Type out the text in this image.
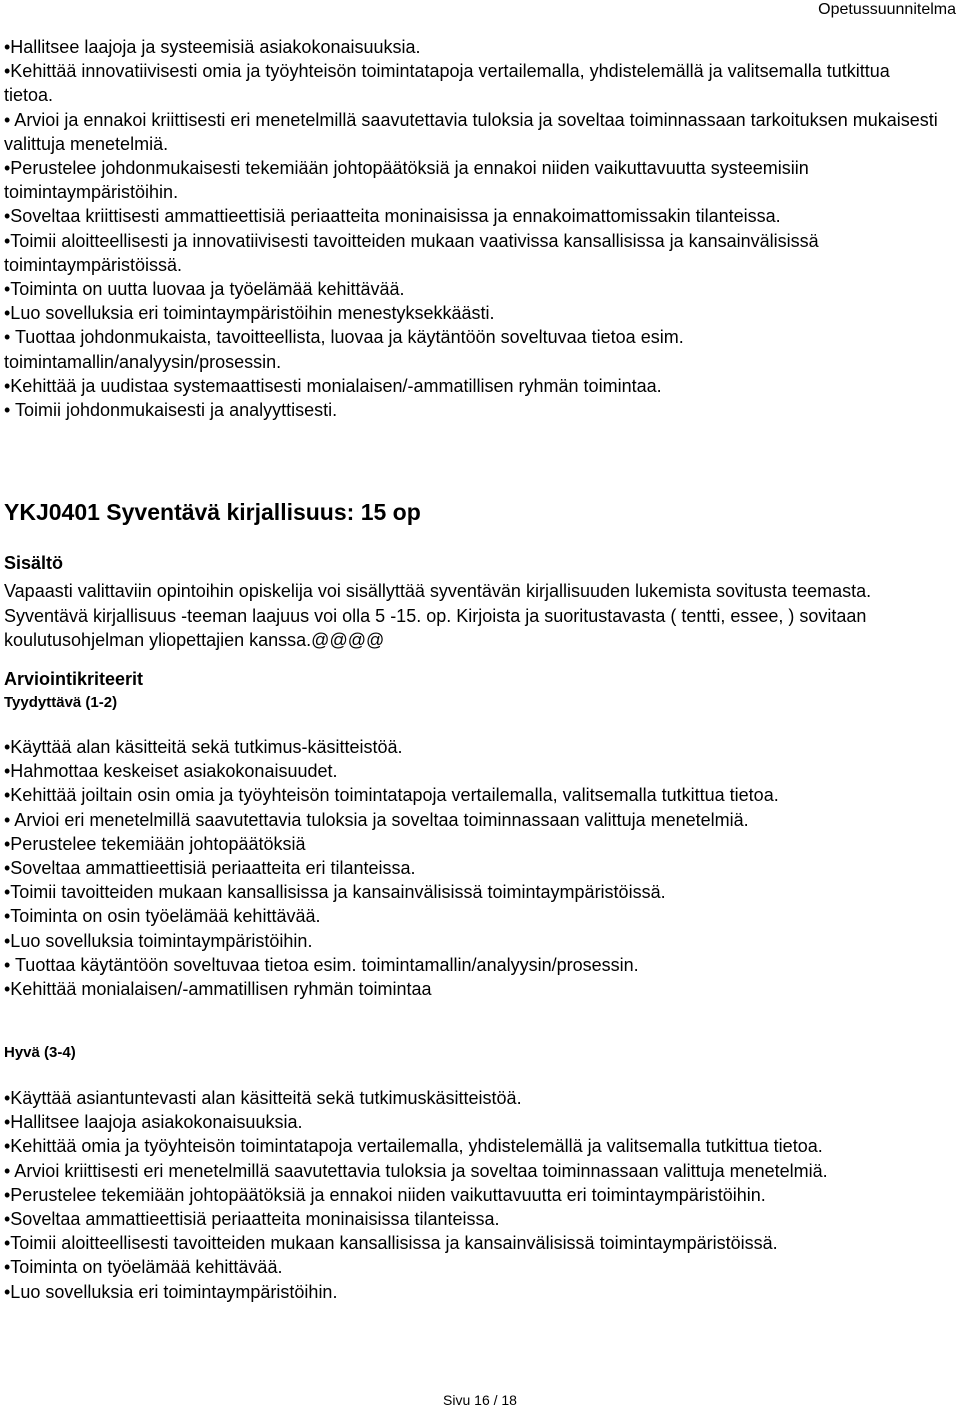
Opetussuunnitelma
•Hallitsee laajoja ja systeemisiä asiakokonaisuuksia.
•Kehittää innovatiivisesti omia ja työyhteisön toimintatapoja vertailemalla, yhdistelemällä ja valitsemalla tutkittua tietoa.
• Arvioi ja ennakoi kriittisesti eri menetelmillä saavutettavia tuloksia ja soveltaa toiminnassaan tarkoituksen mukaisesti valittuja menetelmiä.
•Perustelee johdonmukaisesti tekemiään johtopäätöksiä ja ennakoi niiden vaikuttavuutta systeemisiin toimintaympäristöihin.
•Soveltaa kriittisesti ammattieettisiä periaatteita moninaisissa ja ennakoimattomissakin tilanteissa.
•Toimii aloitteellisesti ja innovatiivisesti tavoitteiden mukaan vaativissa kansallisissa ja kansainvälisissä toimintaympäristöissä.
•Toiminta on uutta luovaa ja työelämää kehittävää.
•Luo sovelluksia eri toimintaympäristöihin menestyksekkäästi.
• Tuottaa johdonmukaista, tavoitteellista, luovaa ja käytäntöön soveltuvaa tietoa esim. toimintamallin/analyysin/prosessin.
•Kehittää ja uudistaa systemaattisesti monialaisen/-ammatillisen ryhmän toimintaa.
• Toimii johdonmukaisesti ja analyyttisesti.
YKJ0401 Syventävä kirjallisuus: 15 op
Sisältö

Vapaasti valittaviin opintoihin opiskelija voi sisällyttää syventävän kirjallisuuden lukemista sovitusta teemasta. Syventävä kirjallisuus -teeman laajuus voi olla 5 -15. op. Kirjoista ja suoritustavasta ( tentti, essee, ) sovitaan koulutusohjelman yliopettajien kanssa.@@@@

Arviointikriteerit
Tyydyttävä (1-2)
•Käyttää alan käsitteitä sekä tutkimus-käsitteistöä.
•Hahmottaa keskeiset asiakokonaisuudet.
•Kehittää joiltain osin omia ja työyhteisön toimintatapoja vertailemalla, valitsemalla tutkittua tietoa.
• Arvioi eri menetelmillä saavutettavia tuloksia ja soveltaa toiminnassaan valittuja menetelmiä.
•Perustelee tekemiään johtopäätöksiä
•Soveltaa ammattieettisiä periaatteita eri tilanteissa.
•Toimii tavoitteiden mukaan kansallisissa ja kansainvälisissä toimintaympäristöissä.
•Toiminta on osin työelämää kehittävää.
•Luo sovelluksia toimintaympäristöihin.
• Tuottaa käytäntöön soveltuvaa tietoa esim. toimintamallin/analyysin/prosessin.
•Kehittää monialaisen/-ammatillisen ryhmän toimintaa
Hyvä (3-4)
•Käyttää asiantuntevasti alan käsitteitä sekä tutkimuskäsitteistöä.
•Hallitsee laajoja asiakokonaisuuksia.
•Kehittää omia ja työyhteisön toimintatapoja vertailemalla, yhdistelemällä ja valitsemalla tutkittua tietoa.
• Arvioi kriittisesti eri menetelmillä saavutettavia tuloksia ja soveltaa toiminnassaan valittuja menetelmiä.
•Perustelee tekemiään johtopäätöksiä ja ennakoi niiden vaikuttavuutta eri toimintaympäristöihin.
•Soveltaa ammattieettisiä periaatteita moninaisissa tilanteissa.
•Toimii aloitteellisesti tavoitteiden mukaan kansallisissa ja kansainvälisissä toimintaympäristöissä.
•Toiminta on työelämää kehittävää.
•Luo sovelluksia eri toimintaympäristöihin.
Sivu 16 / 18
